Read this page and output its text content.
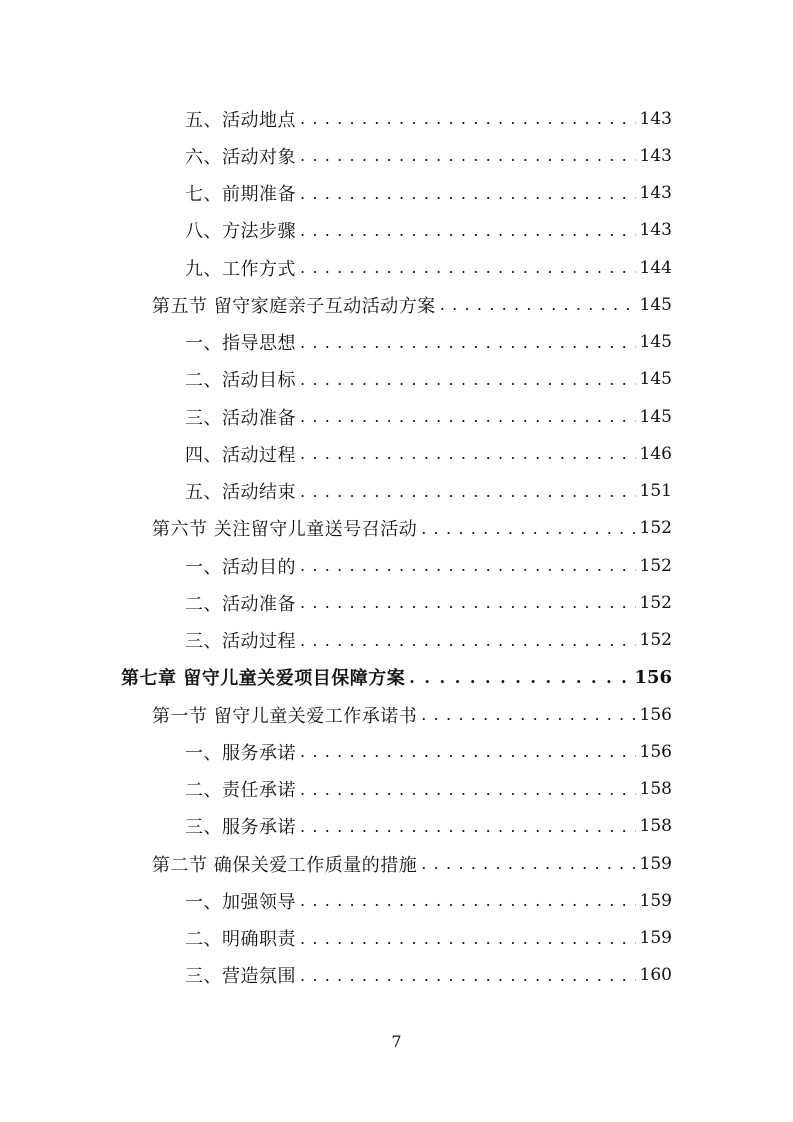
五、活动地点 . . .	143
六、活动对象 . . .	143
七、前期准备 . . .	143
八、方法步骤 . . .	143
九、工作方式 . . .	144
第五节 留守家庭亲子互动活动方案 . . .	145
一、指导思想 . . .	145
二、活动目标 . . .	145
三、活动准备 . . .	145
四、活动过程 . . .	146
五、活动结束 . . .	151
第六节 关注留守儿童送号召活动 . . .	152
一、活动目的 . . .	152
二、活动准备 . . .	152
三、活动过程 . . .	152
第七章 留守儿童关爱项目保障方案 . . .	156
第一节 留守儿童关爱工作承诺书 . . .	156
一、服务承诺 . . .	156
二、责任承诺 . . .	158
三、服务承诺 . . .	158
第二节 确保关爱工作质量的措施 . . .	159
一、加强领导 . . .	159
二、明确职责 . . .	159
三、营造氛围 . . .	160
7
